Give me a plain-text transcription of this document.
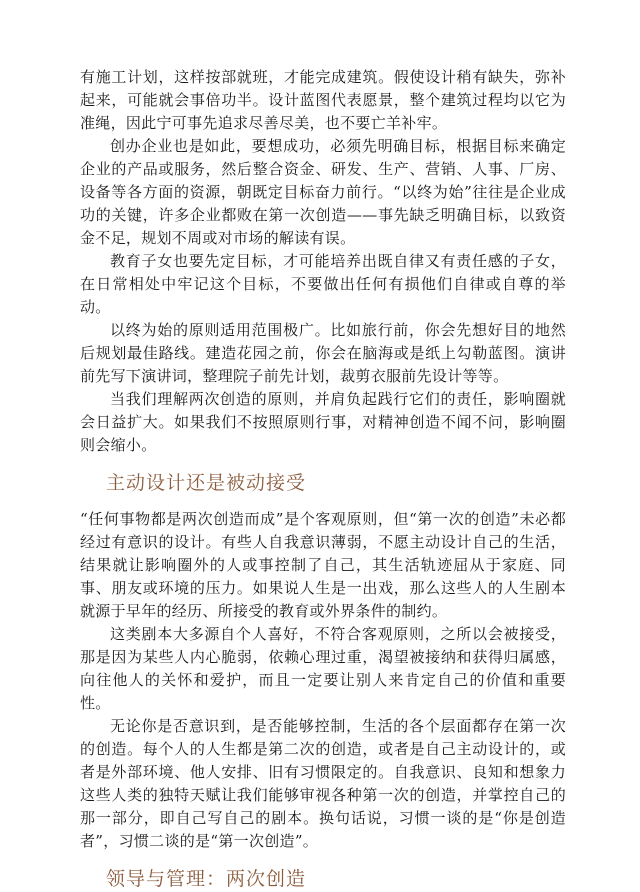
有施工计划，这样按部就班，才能完成建筑。假使设计稍有缺失，弥补起来，可能就会事倍功半。设计蓝图代表愿景，整个建筑过程均以它为准绳，因此宁可事先追求尽善尽美，也不要亡羊补牢。

创办企业也是如此，要想成功，必须先明确目标，根据目标来确定企业的产品或服务，然后整合资金、研发、生产、营销、人事、厂房、设备等各方面的资源，朝既定目标奋力前行。“以终为始”往往是企业成功的关键，许多企业都败在第一次创造——事先缺乏明确目标，以致资金不足，规划不周或对市场的解读有误。

教育子女也要先定目标，才可能培养出既自律又有责任感的子女，在日常相处中牢记这个目标，不要做出任何有损他们自律或自尊的举动。

以终为始的原则适用范围极广。比如旅行前，你会先想好目的地然后规划最佳路线。建造花园之前，你会在脑海或是纸上勾勒蓝图。演讲前先写下演讲词，整理院子前先计划，裁剪衣服前先设计等等。

当我们理解两次创造的原则，并肩负起践行它们的责任，影响圈就会日益扩大。如果我们不按照原则行事，对精神创造不闻不问，影响圈则会缩小。

主动设计还是被动接受

“任何事物都是两次创造而成”是个客观原则，但“第一次的创造”未必都经过有意识的设计。有些人自我意识薄弱，不愿主动设计自己的生活，结果就让影响圈外的人或事控制了自己，其生活轨迹屈从于家庭、同事、朋友或环境的压力。如果说人生是一出戏，那么这些人的人生剧本就源于早年的经历、所接受的教育或外界条件的制约。

这类剧本大多源自个人喜好，不符合客观原则，之所以会被接受，那是因为某些人内心脆弱，依赖心理过重，渴望被接纳和获得归属感，向往他人的关怀和爱护，而且一定要让别人来肯定自己的价值和重要性。

无论你是否意识到，是否能够控制，生活的各个层面都存在第一次的创造。每个人的人生都是第二次的创造，或者是自己主动设计的，或者是外部环境、他人安排、旧有习惯限定的。自我意识、良知和想象力这些人类的独特天赋让我们能够审视各种第一次的创造，并掌控自己的那一部分，即自己写自己的剧本。换句话说，习惯一谈的是“你是创造者”，习惯二谈的是“第一次创造”。

领导与管理：两次创造
